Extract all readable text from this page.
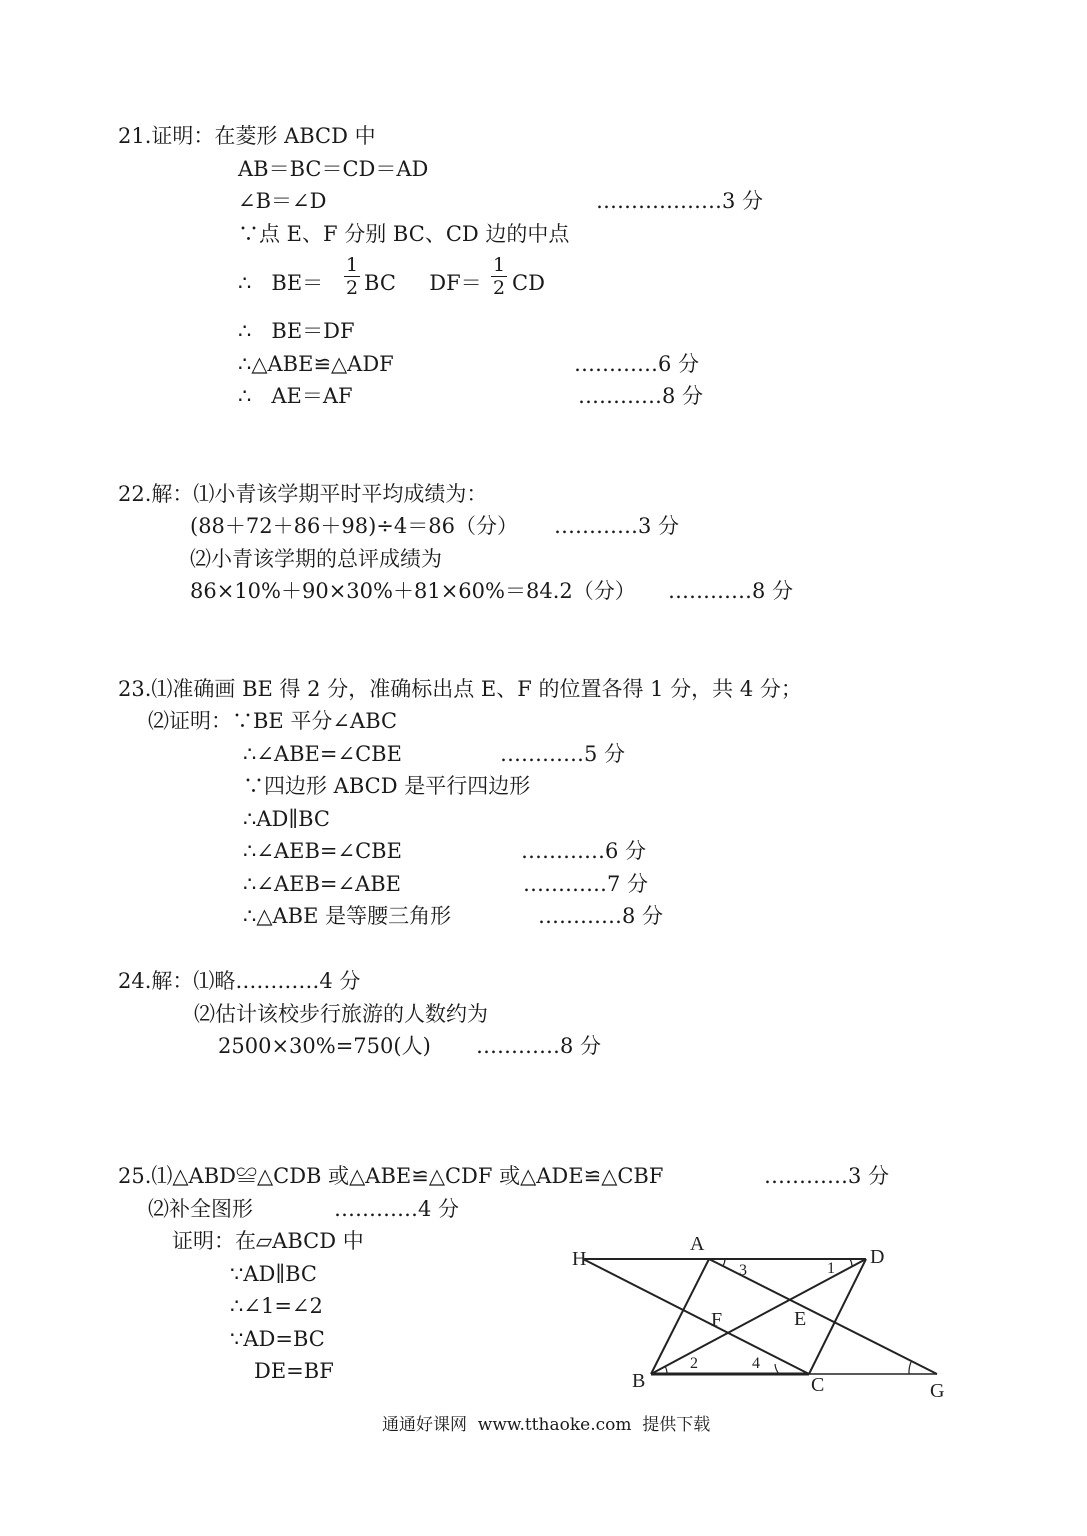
21.证明：在菱形 ABCD 中
AB＝BC＝CD＝AD
∠B＝∠D	………………3 分
∵点 E、F 分别 BC、CD 边的中点
∴   BE＝
1
2 BC     DF＝
1
2 CD
∴   BE＝DF
∴△ABE≌△ADF	…………6 分
∴   AE＝AF	…………8 分
22.解：⑴小青该学期平时平均成绩为：
(88＋72＋86＋98)÷4＝86（分） …………3 分
⑵小青该学期的总评成绩为
86×10%＋90×30%＋81×60%＝84.2（分） …………8 分
23.⑴准确画 BE 得 2 分，准确标出点 E、F 的位置各得 1 分，共 4 分；
⑵证明：∵BE 平分∠ABC
∴∠ABE=∠CBE	…………5 分
∵四边形 ABCD 是平行四边形
∴AD∥BC
∴∠AEB=∠CBE	…………6 分
∴∠AEB=∠ABE	…………7 分
∴△ABE 是等腰三角形	…………8 分
24.解：⑴略…………4 分
⑵估计该校步行旅游的人数约为
2500×30%=750(人) …………8 分
25.⑴△ABD≌△CDB 或△ABE≌△CDF 或△ADE≌△CBF	…………3 分
⑵补全图形	…………4 分
证明：在▱ABCD 中
∵AD∥BC
∴∠1=∠2
∵AD=BC
DE=BF
H
A
D
B	C	G
E
F
1
2
3
4
通通好课网  www.tthaoke.com  提供下载
